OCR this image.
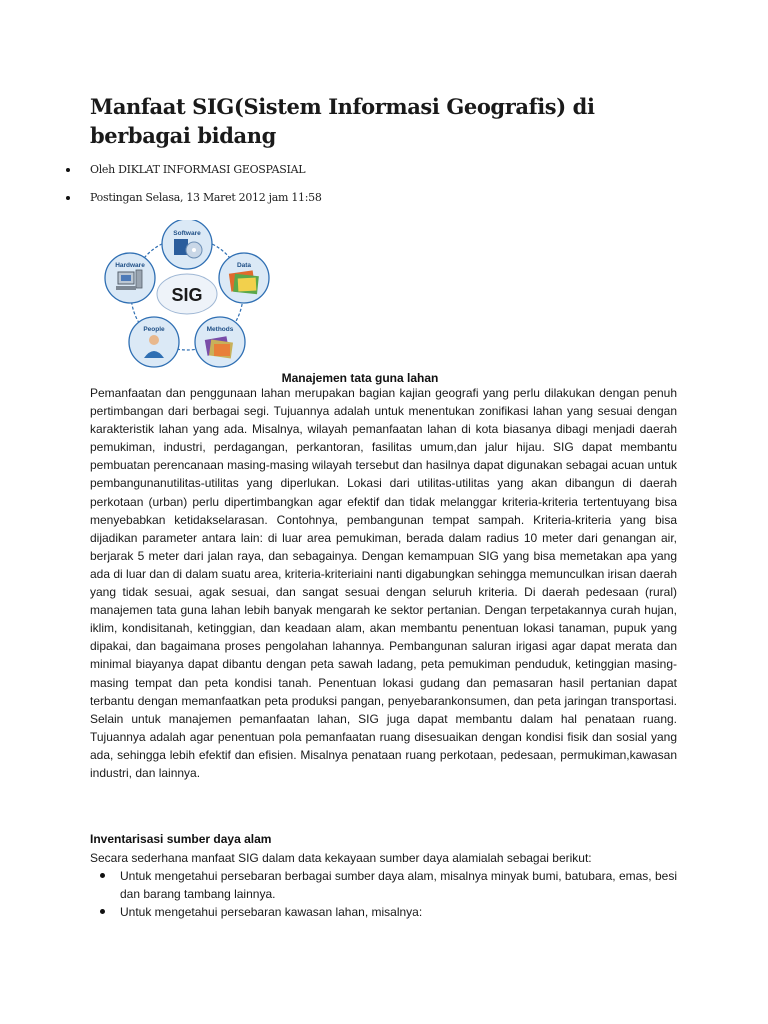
Manfaat SIG(Sistem Informasi Geografis) di berbagai bidang
Oleh DIKLAT INFORMASI GEOSPASIAL
Postingan Selasa, 13 Maret 2012 jam 11:58
SIG
Software
Data
Methods
People
Hardware
Manajemen tata guna lahan

Pemanfaatan dan penggunaan lahan merupakan bagian kajian geografi yang perlu dilakukan dengan penuh pertimbangan dari berbagai segi. Tujuannya adalah untuk menentukan zonifikasi lahan yang sesuai dengan karakteristik lahan yang ada. Misalnya, wilayah pemanfaatan lahan di kota biasanya dibagi menjadi daerah pemukiman, industri, perdagangan, perkantoran, fasilitas umum,dan jalur hijau. SIG dapat membantu pembuatan perencanaan masing-masing wilayah tersebut dan hasilnya dapat digunakan sebagai acuan untuk pembangunanutilitas-utilitas yang diperlukan. Lokasi dari utilitas-utilitas yang akan dibangun di daerah perkotaan (urban) perlu dipertimbangkan agar efektif dan tidak melanggar kriteria-kriteria tertentuyang bisa menyebabkan ketidakselarasan. Contohnya, pembangunan tempat sampah. Kriteria-kriteria yang bisa dijadikan parameter antara lain: di luar area pemukiman, berada dalam radius 10 meter dari genangan air, berjarak 5 meter dari jalan raya, dan sebagainya. Dengan kemampuan SIG yang bisa memetakan apa yang ada di luar dan di dalam suatu area, kriteria-kriteriaini nanti digabungkan sehingga memunculkan irisan daerah yang tidak sesuai, agak sesuai, dan sangat sesuai dengan seluruh kriteria. Di daerah pedesaan (rural) manajemen tata guna lahan lebih banyak mengarah ke sektor pertanian. Dengan terpetakannya curah hujan, iklim, kondisitanah, ketinggian, dan keadaan alam, akan membantu penentuan lokasi tanaman, pupuk yang dipakai, dan bagaimana proses pengolahan lahannya. Pembangunan saluran irigasi agar dapat merata dan minimal biayanya dapat dibantu dengan peta sawah ladang, peta pemukiman penduduk, ketinggian masing-masing tempat dan peta kondisi tanah. Penentuan lokasi gudang dan pemasaran hasil pertanian dapat terbantu dengan memanfaatkan peta produksi pangan, penyebarankonsumen, dan peta jaringan transportasi. Selain untuk manajemen pemanfaatan lahan, SIG juga dapat membantu dalam hal penataan ruang. Tujuannya adalah agar penentuan pola pemanfaatan ruang disesuaikan dengan kondisi fisik dan sosial yang ada, sehingga lebih efektif dan efisien. Misalnya penataan ruang perkotaan, pedesaan, permukiman,kawasan industri, dan lainnya.

Inventarisasi sumber daya alam

Secara sederhana manfaat SIG dalam data kekayaan sumber daya alamialah sebagai berikut:

Untuk mengetahui persebaran berbagai sumber daya alam, misalnya minyak bumi, batubara, emas, besi dan barang tambang lainnya.
Untuk mengetahui persebaran kawasan lahan, misalnya:
